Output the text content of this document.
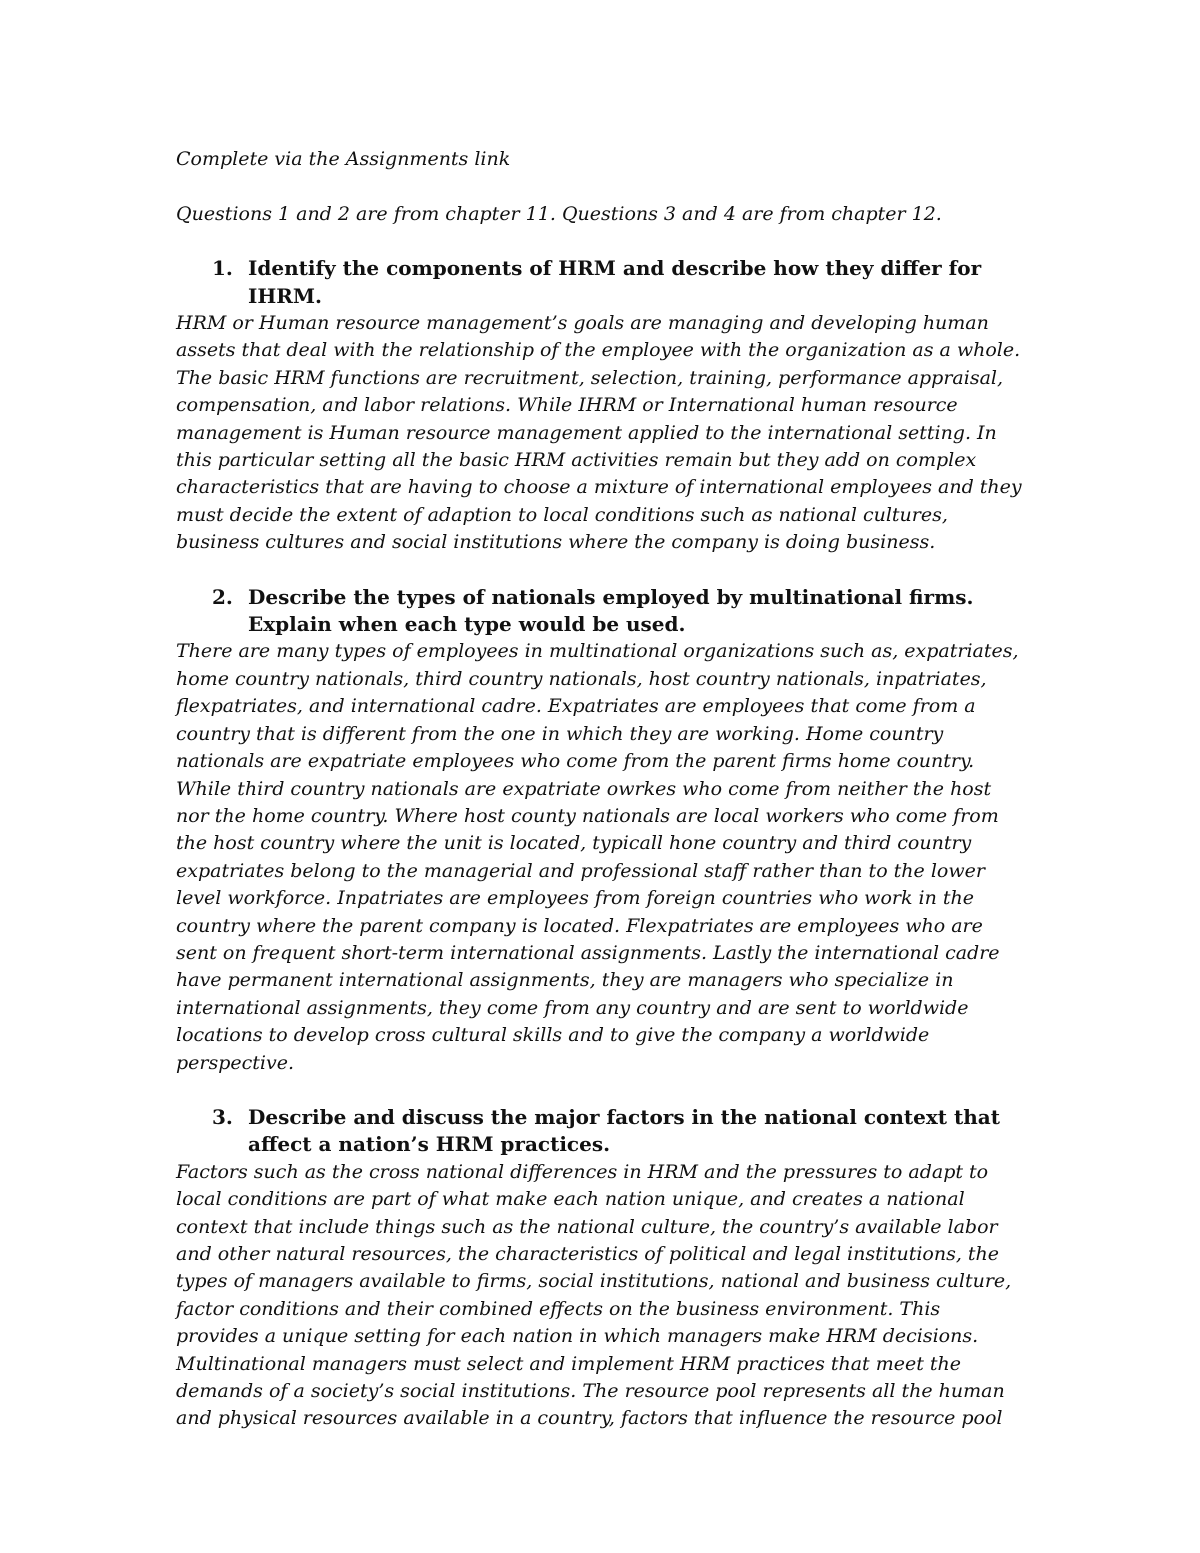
Complete via the Assignments link

Questions 1 and 2 are from chapter 11. Questions 3 and 4 are from chapter 12.

1. Identify the components of HRM and describe how they differ for IHRM.

HRM or Human resource management’s goals are managing and developing human assets that deal with the relationship of the employee with the organization as a whole. The basic HRM functions are recruitment, selection, training, performance appraisal, compensation, and labor relations. While IHRM or International human resource management is Human resource management applied to the international setting. In this particular setting all the basic HRM activities remain but they add on complex characteristics that are having to choose a mixture of international employees and they must decide the extent of adaption to local conditions such as national cultures, business cultures and social institutions where the company is doing business.

2. Describe the types of nationals employed by multinational firms. Explain when each type would be used.

There are many types of employees in multinational organizations such as, expatriates, home country nationals, third country nationals, host country nationals, inpatriates, flexpatriates, and international cadre. Expatriates are employees that come from a country that is different from the one in which they are working. Home country nationals are expatriate employees who come from the parent firms home country. While third country nationals are expatriate owrkes who come from neither the host nor the home country. Where host county nationals are local workers who come from the host country where the unit is located, typicall hone country and third country expatriates belong to the managerial and professional staff rather than to the lower level workforce. Inpatriates are employees from foreign countries who work in the country where the parent company is located. Flexpatriates are employees who are sent on frequent short-term international assignments. Lastly the international cadre have permanent international assignments, they are managers who specialize in international assignments, they come from any country and are sent to worldwide locations to develop cross cultural skills and to give the company a worldwide perspective.

3. Describe and discuss the major factors in the national context that affect a nation’s HRM practices.

Factors such as the cross national differences in HRM and the pressures to adapt to local conditions are part of what make each nation unique, and creates a national context that include things such as the national culture, the country’s available labor and other natural resources, the characteristics of political and legal institutions, the types of managers available to firms, social institutions, national and business culture, factor conditions and their combined effects on the business environment. This provides a unique setting for each nation in which managers make HRM decisions. Multinational managers must select and implement HRM practices that meet the demands of a society’s social institutions. The resource pool represents all the human and physical resources available in a country, factors that influence the resource pool
